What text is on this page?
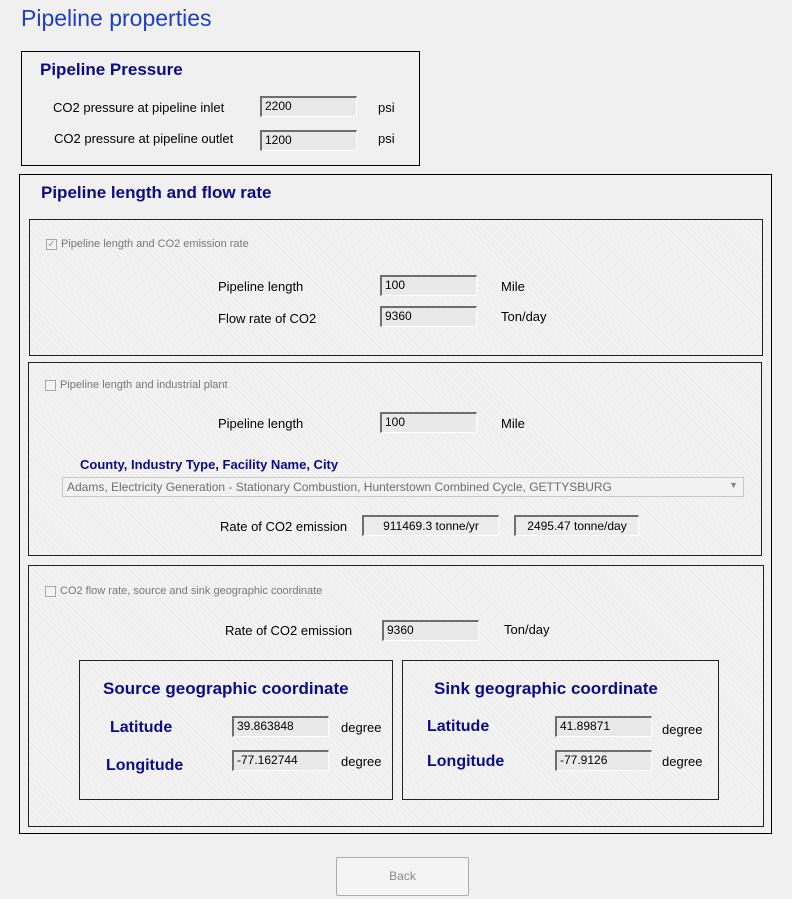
Pipeline properties
Pipeline Pressure
CO2 pressure at pipeline inlet	2200	psi
CO2 pressure at pipeline outlet	1200	psi
Pipeline length and flow rate
✓ Pipeline length and CO2 emission rate
Pipeline length	100	Mile
Flow rate of CO2	9360	Ton/day
Pipeline length and industrial plant
Pipeline length	100	Mile
County, Industry Type, Facility Name, City
Adams, Electricity Generation - Stationary Combustion, Hunterstown Combined Cycle, GETTYSBURG	▼
Rate of CO2 emission	911469.3 tonne/yr	2495.47 tonne/day
CO2 flow rate, source and sink geographic coordinate
Rate of CO2 emission	9360	Ton/day
Source geographic coordinate
Latitude	39.863848	degree
Longitude	-77.162744	degree
Sink geographic coordinate
Latitude	41.89871	degree
Longitude	-77.9126	degree
Back
